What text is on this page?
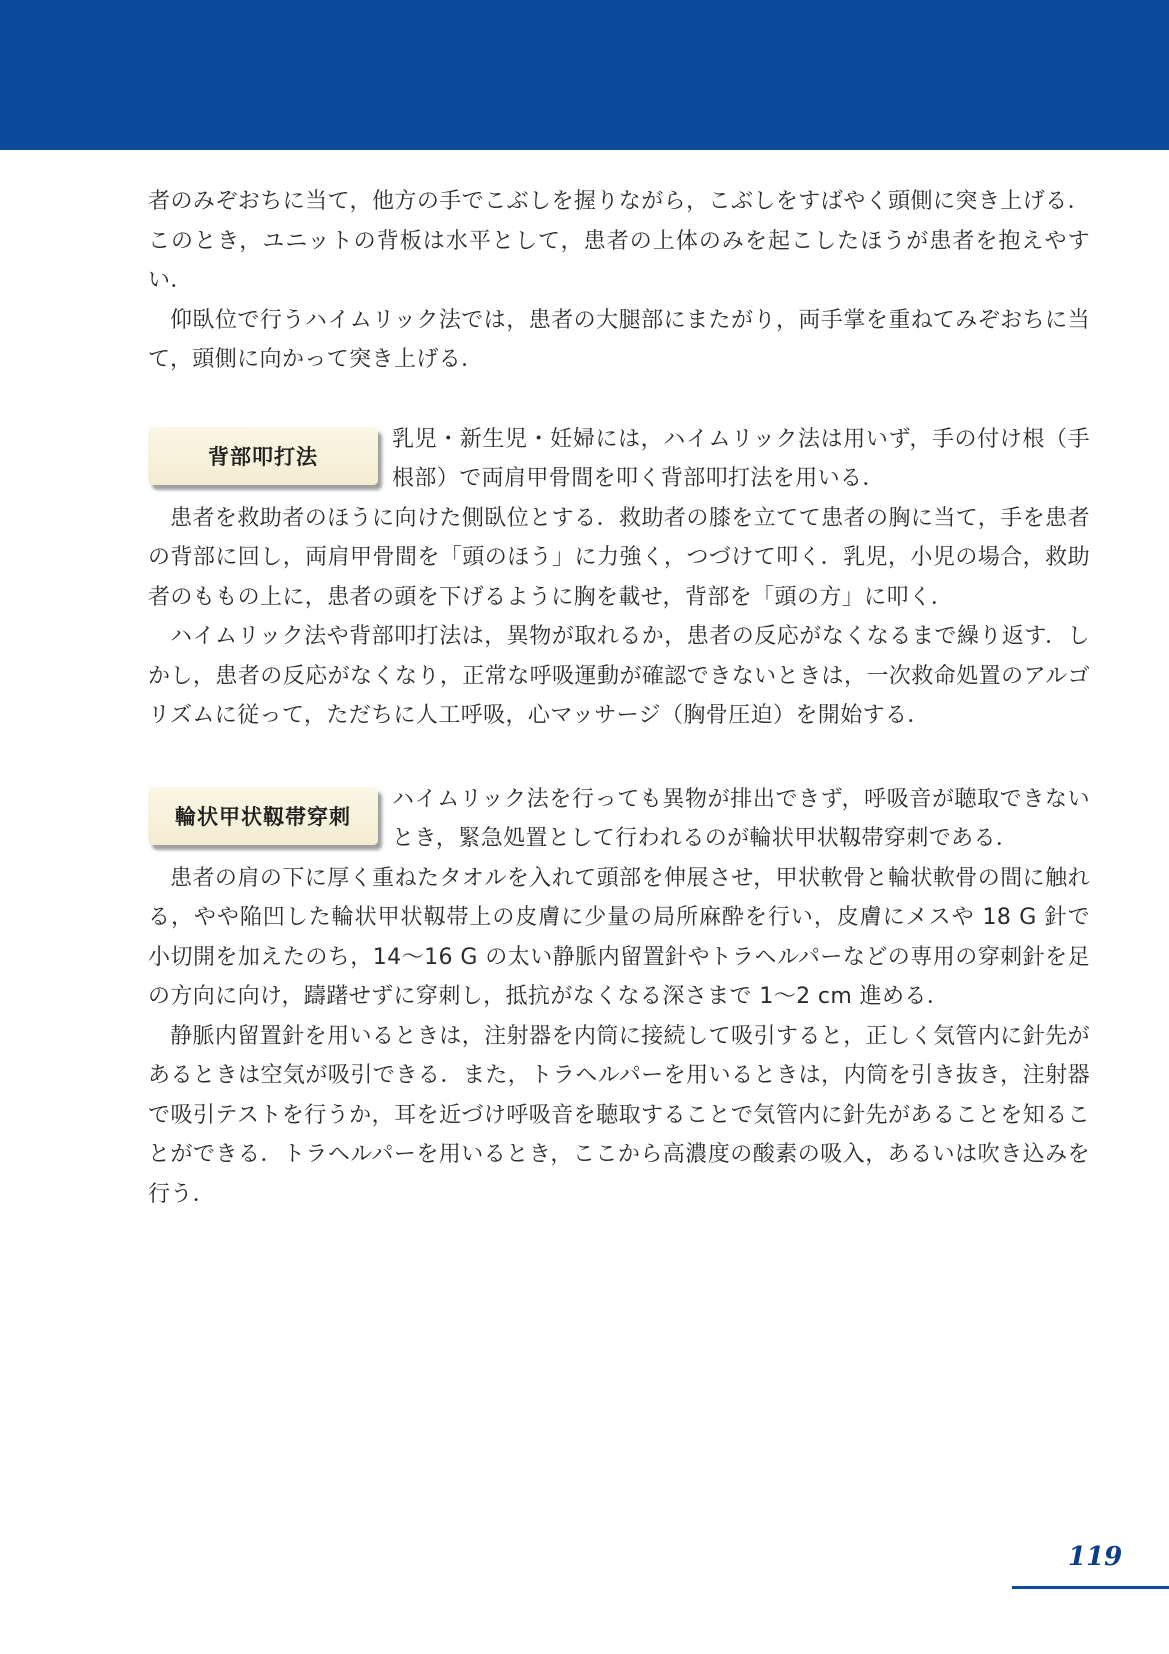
者のみぞおちに当て，他方の手でこぶしを握りながら，こぶしをすばやく頭側に突き上げる．このとき，ユニットの背板は水平として，患者の上体のみを起こしたほうが患者を抱えやすい．

仰臥位で行うハイムリック法では，患者の大腿部にまたがり，両手掌を重ねてみぞおちに当て，頭側に向かって突き上げる．

背部叩打法

乳児・新生児・妊婦には，ハイムリック法は用いず，手の付け根（手根部）で両肩甲骨間を叩く背部叩打法を用いる．

患者を救助者のほうに向けた側臥位とする．救助者の膝を立てて患者の胸に当て，手を患者の背部に回し，両肩甲骨間を「頭のほう」に力強く，つづけて叩く．乳児，小児の場合，救助者のももの上に，患者の頭を下げるように胸を載せ，背部を「頭の方」に叩く．

ハイムリック法や背部叩打法は，異物が取れるか，患者の反応がなくなるまで繰り返す．しかし，患者の反応がなくなり，正常な呼吸運動が確認できないときは，一次救命処置のアルゴリズムに従って，ただちに人工呼吸，心マッサージ（胸骨圧迫）を開始する．

輪状甲状靱帯穿刺

ハイムリック法を行っても異物が排出できず，呼吸音が聴取できないとき，緊急処置として行われるのが輪状甲状靱帯穿刺である．

患者の肩の下に厚く重ねたタオルを入れて頭部を伸展させ，甲状軟骨と輪状軟骨の間に触れる，やや陥凹した輪状甲状靱帯上の皮膚に少量の局所麻酔を行い，皮膚にメスや 18 G 針で小切開を加えたのち，14～16 G の太い静脈内留置針やトラヘルパーなどの専用の穿刺針を足の方向に向け，躊躇せずに穿刺し，抵抗がなくなる深さまで 1～2 cm 進める．

静脈内留置針を用いるときは，注射器を内筒に接続して吸引すると，正しく気管内に針先があるときは空気が吸引できる．また，トラヘルパーを用いるときは，内筒を引き抜き，注射器で吸引テストを行うか，耳を近づけ呼吸音を聴取することで気管内に針先があることを知ることができる．トラヘルパーを用いるとき，ここから高濃度の酸素の吸入，あるいは吹き込みを行う．

119
